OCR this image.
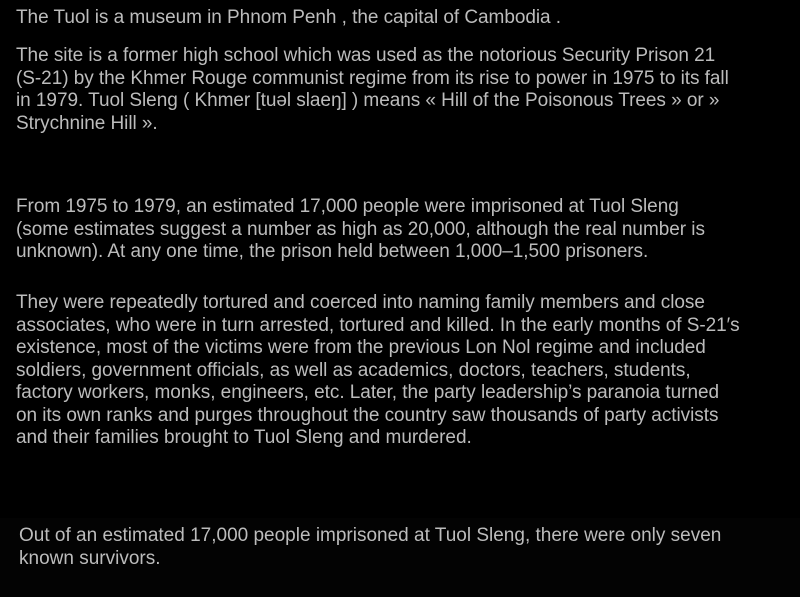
The Tuol is a museum in Phnom Penh , the capital of Cambodia .

The site is a former high school which was used as the notorious Security Prison 21
(S-21) by the Khmer Rouge communist regime from its rise to power in 1975 to its fall
in 1979. Tuol Sleng ( Khmer [tuəl slaeŋ] ) means « Hill of the Poisonous Trees » or »
Strychnine Hill ».

From 1975 to 1979, an estimated 17,000 people were imprisoned at Tuol Sleng
(some estimates suggest a number as high as 20,000, although the real number is
unknown). At any one time, the prison held between 1,000–1,500 prisoners.

They were repeatedly tortured and coerced into naming family members and close
associates, who were in turn arrested, tortured and killed. In the early months of S-21′s
existence, most of the victims were from the previous Lon Nol regime and included
soldiers, government officials, as well as academics, doctors, teachers, students,
factory workers, monks, engineers, etc. Later, the party leadership’s paranoia turned
on its own ranks and purges throughout the country saw thousands of party activists
and their families brought to Tuol Sleng and murdered.

Out of an estimated 17,000 people imprisoned at Tuol Sleng, there were only seven
known survivors.
